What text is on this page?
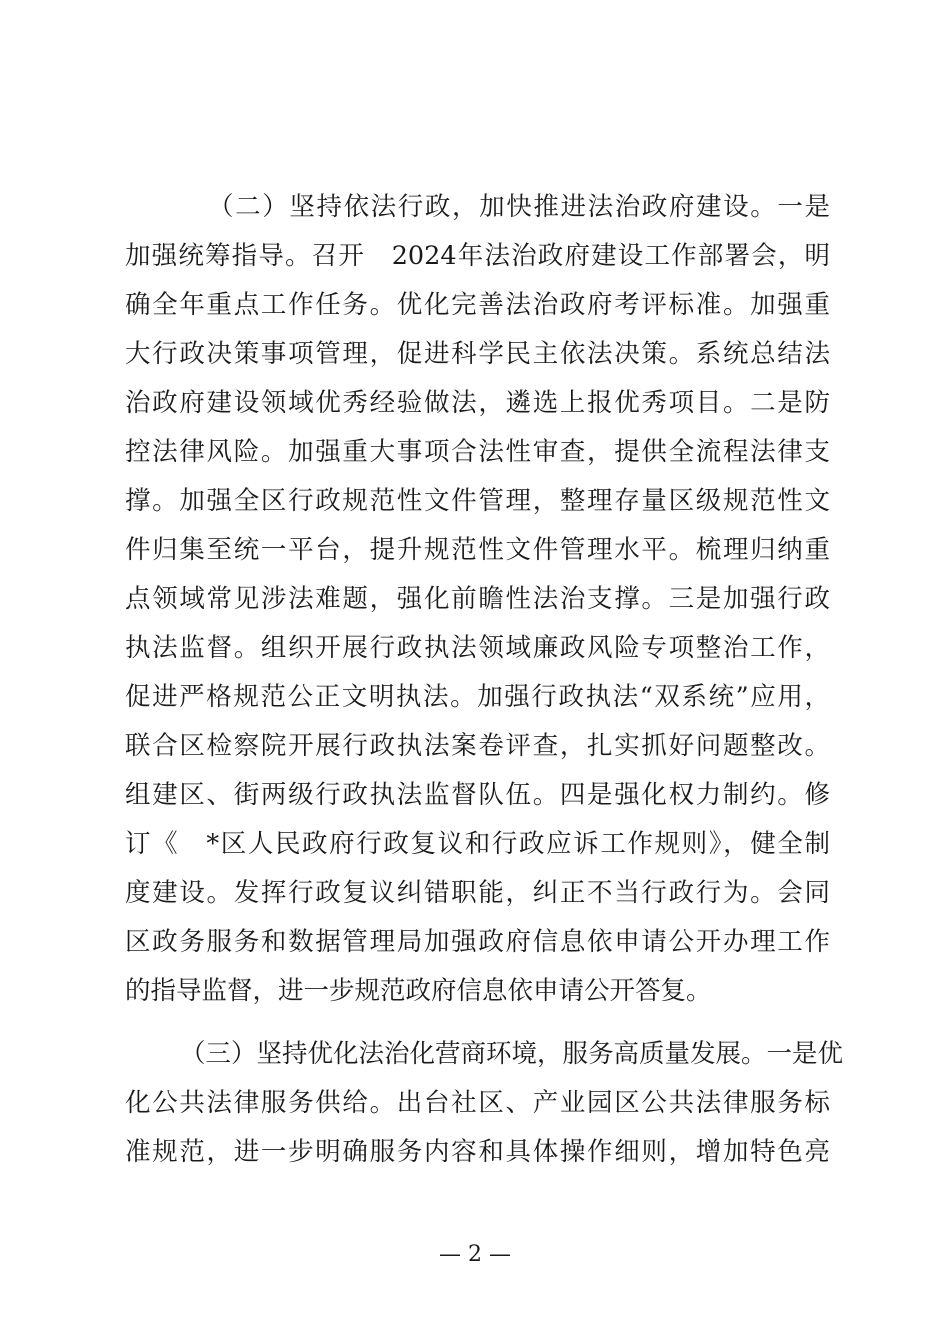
（二）坚持依法行政，加快推进法治政府建设。一是
加强统筹指导。召开　2024年法治政府建设工作部署会，明
确全年重点工作任务。优化完善法治政府考评标准。加强重
大行政决策事项管理，促进科学民主依法决策。系统总结法
治政府建设领域优秀经验做法，遴选上报优秀项目。二是防
控法律风险。加强重大事项合法性审查，提供全流程法律支
撑。加强全区行政规范性文件管理，整理存量区级规范性文
件归集至统一平台，提升规范性文件管理水平。梳理归纳重
点领域常见涉法难题，强化前瞻性法治支撑。三是加强行政
执法监督。组织开展行政执法领域廉政风险专项整治工作，
促进严格规范公正文明执法。加强行政执法“双系统”应用，
联合区检察院开展行政执法案卷评查，扎实抓好问题整改。
组建区、街两级行政执法监督队伍。四是强化权力制约。修
订《　*区人民政府行政复议和行政应诉工作规则》，健全制
度建设。发挥行政复议纠错职能，纠正不当行政行为。会同
区政务服务和数据管理局加强政府信息依申请公开办理工作
的指导监督，进一步规范政府信息依申请公开答复。
（三）坚持优化法治化营商环境，服务高质量发展。一是优
化公共法律服务供给。出台社区、产业园区公共法律服务标
准规范，进一步明确服务内容和具体操作细则，增加特色亮
— 2 —
